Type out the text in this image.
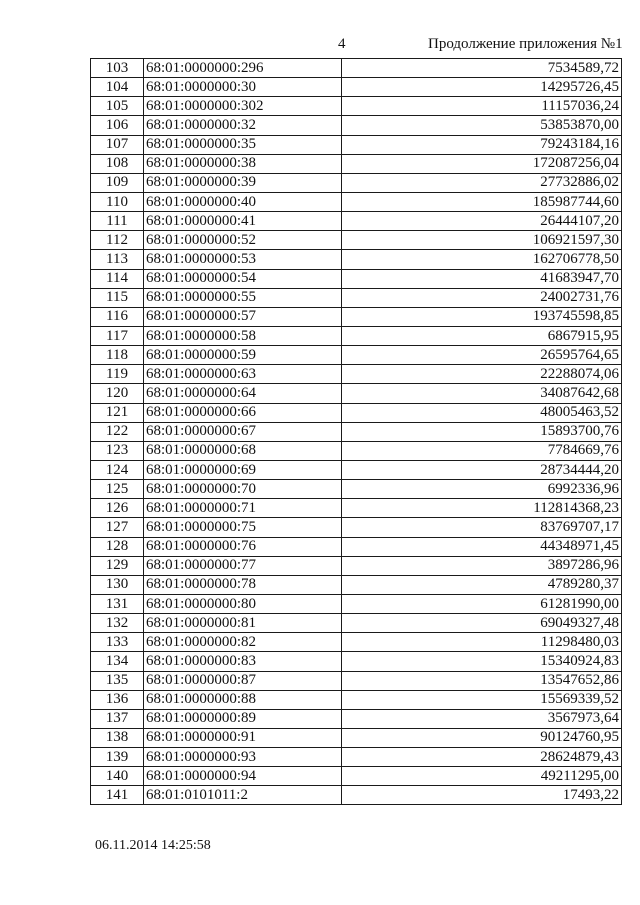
4	Продолжение приложения №1
103	68:01:0000000:296	7534589,72
104	68:01:0000000:30	14295726,45
105	68:01:0000000:302	11157036,24
106	68:01:0000000:32	53853870,00
107	68:01:0000000:35	79243184,16
108	68:01:0000000:38	172087256,04
109	68:01:0000000:39	27732886,02
110	68:01:0000000:40	185987744,60
111	68:01:0000000:41	26444107,20
112	68:01:0000000:52	106921597,30
113	68:01:0000000:53	162706778,50
114	68:01:0000000:54	41683947,70
115	68:01:0000000:55	24002731,76
116	68:01:0000000:57	193745598,85
117	68:01:0000000:58	6867915,95
118	68:01:0000000:59	26595764,65
119	68:01:0000000:63	22288074,06
120	68:01:0000000:64	34087642,68
121	68:01:0000000:66	48005463,52
122	68:01:0000000:67	15893700,76
123	68:01:0000000:68	7784669,76
124	68:01:0000000:69	28734444,20
125	68:01:0000000:70	6992336,96
126	68:01:0000000:71	112814368,23
127	68:01:0000000:75	83769707,17
128	68:01:0000000:76	44348971,45
129	68:01:0000000:77	3897286,96
130	68:01:0000000:78	4789280,37
131	68:01:0000000:80	61281990,00
132	68:01:0000000:81	69049327,48
133	68:01:0000000:82	11298480,03
134	68:01:0000000:83	15340924,83
135	68:01:0000000:87	13547652,86
136	68:01:0000000:88	15569339,52
137	68:01:0000000:89	3567973,64
138	68:01:0000000:91	90124760,95
139	68:01:0000000:93	28624879,43
140	68:01:0000000:94	49211295,00
141	68:01:0101011:2	17493,22
06.11.2014 14:25:58
